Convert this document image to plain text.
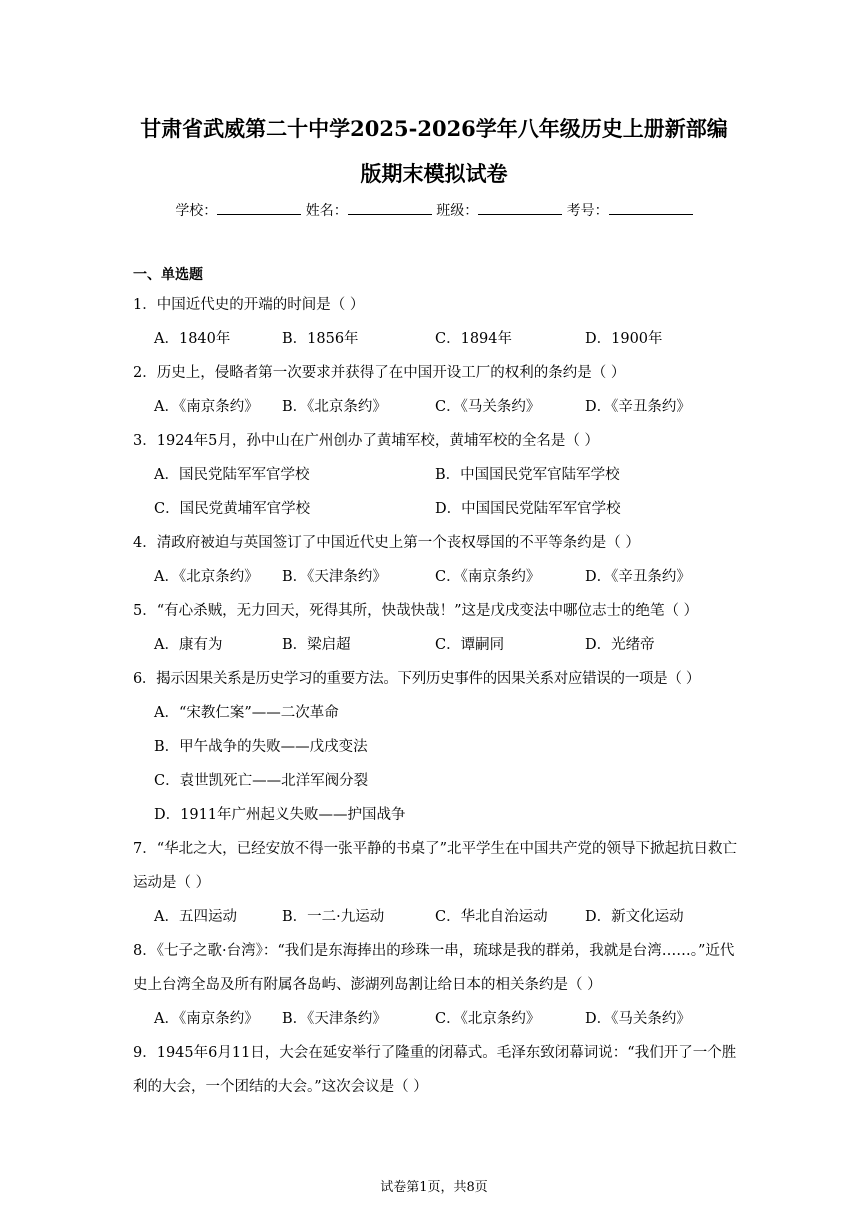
甘肃省武威第二十中学2025-2026学年八年级历史上册新部编
版期末模拟试卷
学校：	姓名：	班级：	考号：
一、单选题
1．中国近代史的开端的时间是（ ）
A．1840年	B．1856年	C．1894年	D．1900年
2．历史上，侵略者第一次要求并获得了在中国开设工厂的权利的条约是（ ）
A．《南京条约》 B．《北京条约》	C．《马关条约》	D．《辛丑条约》
3．1924年5月，孙中山在广州创办了黄埔军校，黄埔军校的全名是（ ）
A．国民党陆军军官学校	B．中国国民党军官陆军学校
C．国民党黄埔军官学校	D．中国国民党陆军军官学校
4．清政府被迫与英国签订了中国近代史上第一个丧权辱国的不平等条约是（ ）
A．《北京条约》 B．《天津条约》	C．《南京条约》	D．《辛丑条约》
5．“有心杀贼，无力回天，死得其所，快哉快哉！”这是戊戌变法中哪位志士的绝笔（ ）
A．康有为	B．梁启超	C．谭嗣同	D．光绪帝
6．揭示因果关系是历史学习的重要方法。下列历史事件的因果关系对应错误的一项是（ ）
A．“宋教仁案”——二次革命
B．甲午战争的失败——戊戌变法
C．袁世凯死亡——北洋军阀分裂
D．1911年广州起义失败——护国战争
7．“华北之大，已经安放不得一张平静的书桌了”北平学生在中国共产党的领导下掀起抗日救亡运动是（ ）
A．五四运动	B．一二·九运动	C．华北自治运动	D．新文化运动
8．《七子之歌·台湾》：“我们是东海捧出的珍珠一串，琉球是我的群弟，我就是台湾……。”近代史上台湾全岛及所有附属各岛屿、澎湖列岛割让给日本的相关条约是（ ）
A．《南京条约》 B．《天津条约》	C．《北京条约》	D．《马关条约》
9．1945年6月11日，大会在延安举行了隆重的闭幕式。毛泽东致闭幕词说：“我们开了一个胜利的大会，一个团结的大会。”这次会议是（ ）
试卷第1页，共8页
